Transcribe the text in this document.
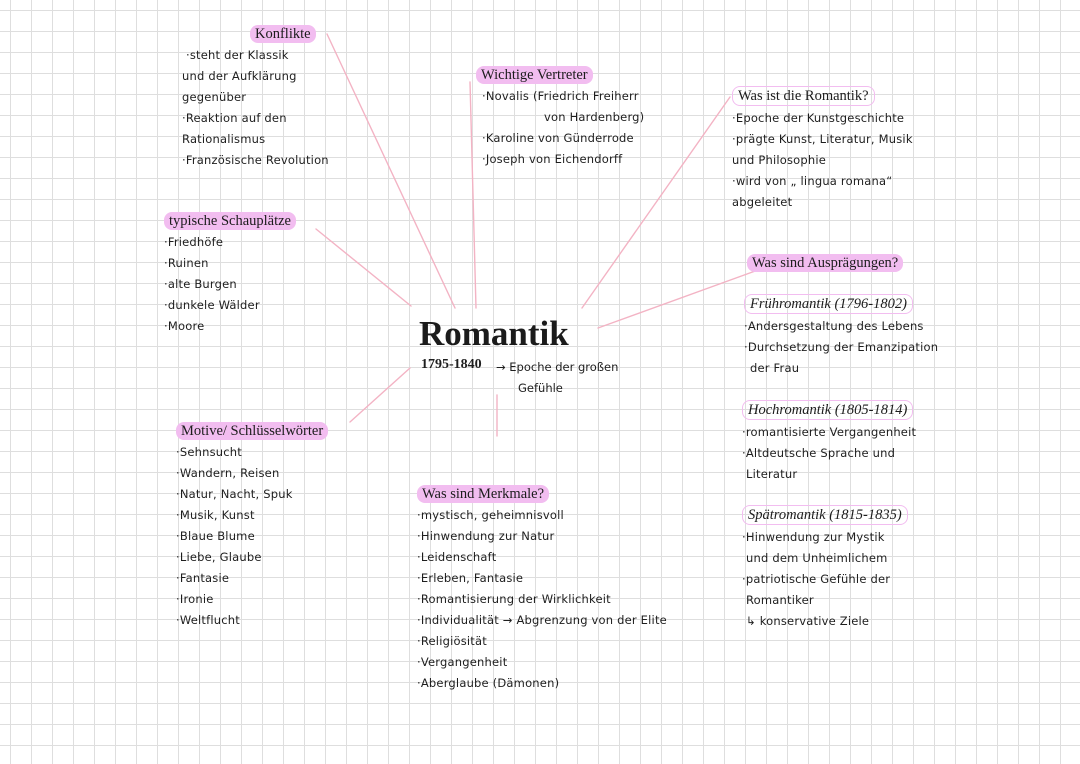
Konflikte
·steht der Klassik
und der Aufklärung
gegenüber
·Reaktion auf den
Rationalismus
·Französische Revolution
Wichtige Vertreter
·Novalis (Friedrich Freiherr
von Hardenberg)
·Karoline von Günderrode
·Joseph von Eichendorff
Was ist die Romantik?
·Epoche der Kunstgeschichte
·prägte Kunst, Literatur, Musik
und Philosophie
·wird von „ lingua romana“
abgeleitet
typische Schauplätze
·Friedhöfe
·Ruinen
·alte Burgen
·dunkele Wälder
·Moore
Was sind Ausprägungen?
Frühromantik (1796-1802)
·Andersgestaltung des Lebens
·Durchsetzung der Emanzipation
der Frau
Hochromantik (1805-1814)
·romantisierte Vergangenheit
·Altdeutsche Sprache und
Literatur
Spätromantik (1815-1835)
·Hinwendung zur Mystik
und dem Unheimlichem
·patriotische Gefühle der
Romantiker
↳ konservative Ziele
Romantik
1795-1840 → Epoche der großen
Gefühle
Motive/ Schlüsselwörter
·Sehnsucht
·Wandern, Reisen
·Natur, Nacht, Spuk
·Musik, Kunst
·Blaue Blume
·Liebe, Glaube
·Fantasie
·Ironie
·Weltflucht
Was sind Merkmale?
·mystisch, geheimnisvoll
·Hinwendung zur Natur
·Leidenschaft
·Erleben, Fantasie
·Romantisierung der Wirklichkeit
·Individualität → Abgrenzung von der Elite
·Religiösität
·Vergangenheit
·Aberglaube (Dämonen)
